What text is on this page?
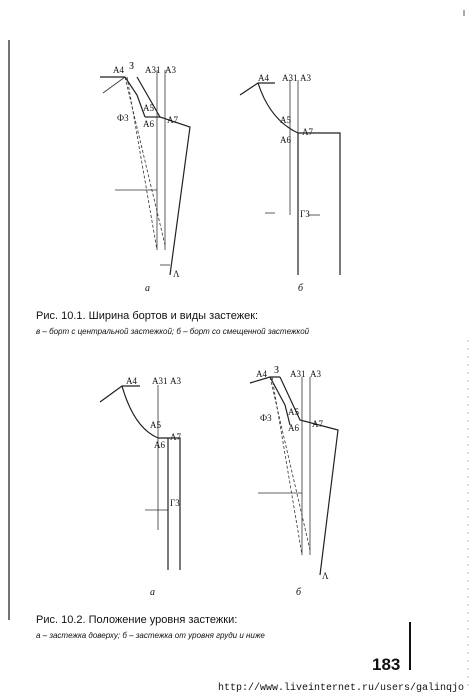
A4 З A31 A3
A5
A6 A7
Ф3
Λ
а
A4 A31 A3
A5
A6
A7
Г3
б
Рис. 10.1. Ширина бортов и виды застежек:
в – борт с центральной застежкой; б – борт со смещенной застежкой
A4 A31 A3
A5
A6
A7
Г3
а
A4 З A31 A3
A5
A6 A7
Ф3
Λ
б
Рис. 10.2. Положение уровня застежки:
а – застежка доверху; б – застежка от уровня груди и ниже
183
http://www.liveinternet.ru/users/galinqjo
